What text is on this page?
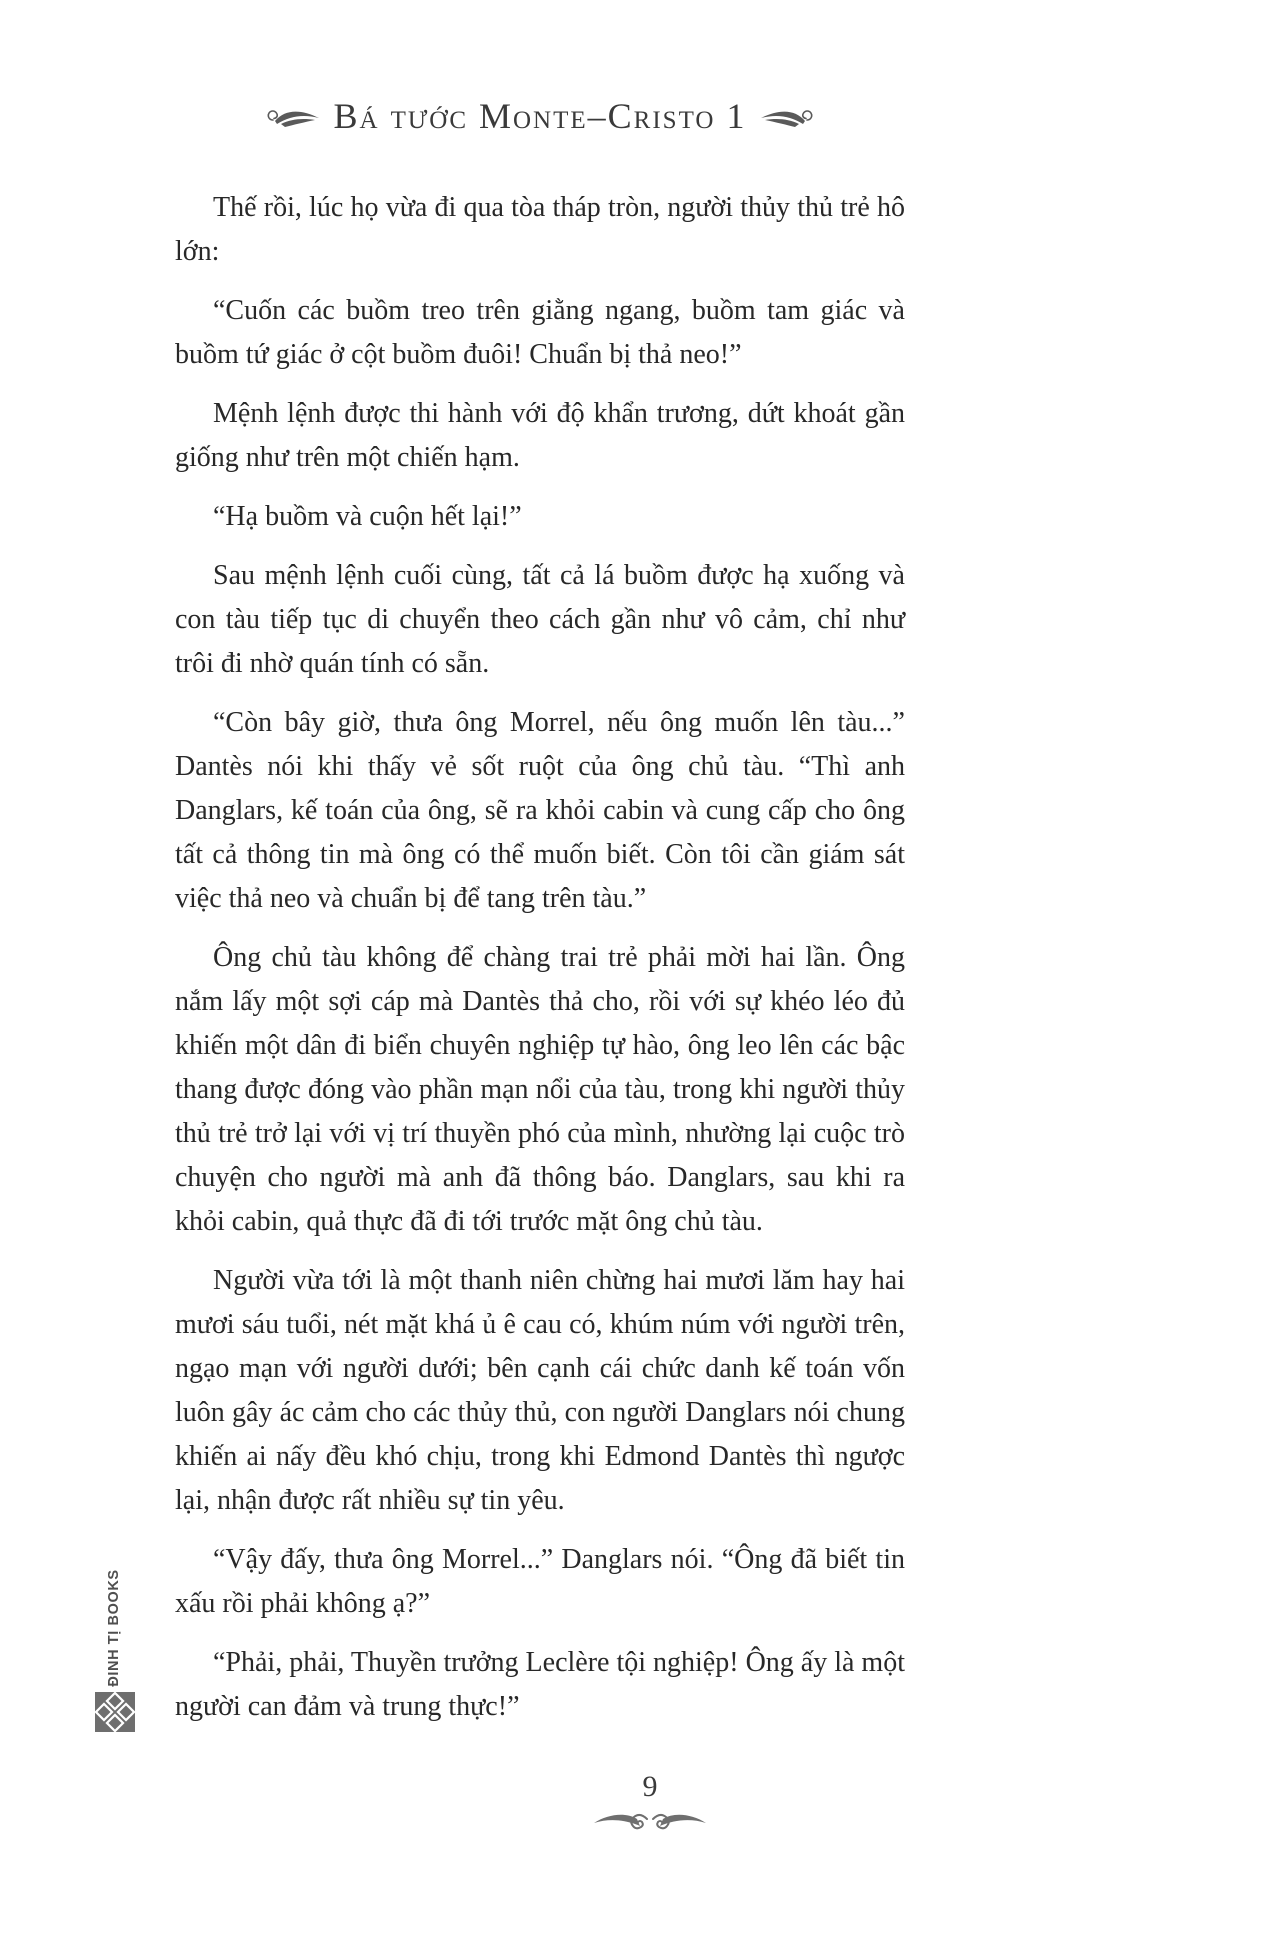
Bá tước Monte–Cristo 1

Thế rồi, lúc họ vừa đi qua tòa tháp tròn, người thủy thủ trẻ hô lớn:

“Cuốn các buồm treo trên giằng ngang, buồm tam giác và buồm tứ giác ở cột buồm đuôi! Chuẩn bị thả neo!”

Mệnh lệnh được thi hành với độ khẩn trương, dứt khoát gần giống như trên một chiến hạm.

“Hạ buồm và cuộn hết lại!”

Sau mệnh lệnh cuối cùng, tất cả lá buồm được hạ xuống và con tàu tiếp tục di chuyển theo cách gần như vô cảm, chỉ như trôi đi nhờ quán tính có sẵn.

“Còn bây giờ, thưa ông Morrel, nếu ông muốn lên tàu...” Dantès nói khi thấy vẻ sốt ruột của ông chủ tàu. “Thì anh Danglars, kế toán của ông, sẽ ra khỏi cabin và cung cấp cho ông tất cả thông tin mà ông có thể muốn biết. Còn tôi cần giám sát việc thả neo và chuẩn bị để tang trên tàu.”

Ông chủ tàu không để chàng trai trẻ phải mời hai lần. Ông nắm lấy một sợi cáp mà Dantès thả cho, rồi với sự khéo léo đủ khiến một dân đi biển chuyên nghiệp tự hào, ông leo lên các bậc thang được đóng vào phần mạn nổi của tàu, trong khi người thủy thủ trẻ trở lại với vị trí thuyền phó của mình, nhường lại cuộc trò chuyện cho người mà anh đã thông báo. Danglars, sau khi ra khỏi cabin, quả thực đã đi tới trước mặt ông chủ tàu.

Người vừa tới là một thanh niên chừng hai mươi lăm hay hai mươi sáu tuổi, nét mặt khá ủ ê cau có, khúm núm với người trên, ngạo mạn với người dưới; bên cạnh cái chức danh kế toán vốn luôn gây ác cảm cho các thủy thủ, con người Danglars nói chung khiến ai nấy đều khó chịu, trong khi Edmond Dantès thì ngược lại, nhận được rất nhiều sự tin yêu.

“Vậy đấy, thưa ông Morrel...” Danglars nói. “Ông đã biết tin xấu rồi phải không ạ?”

“Phải, phải, Thuyền trưởng Leclère tội nghiệp! Ông ấy là một người can đảm và trung thực!”

ĐINH TỊ BOOKS
9
